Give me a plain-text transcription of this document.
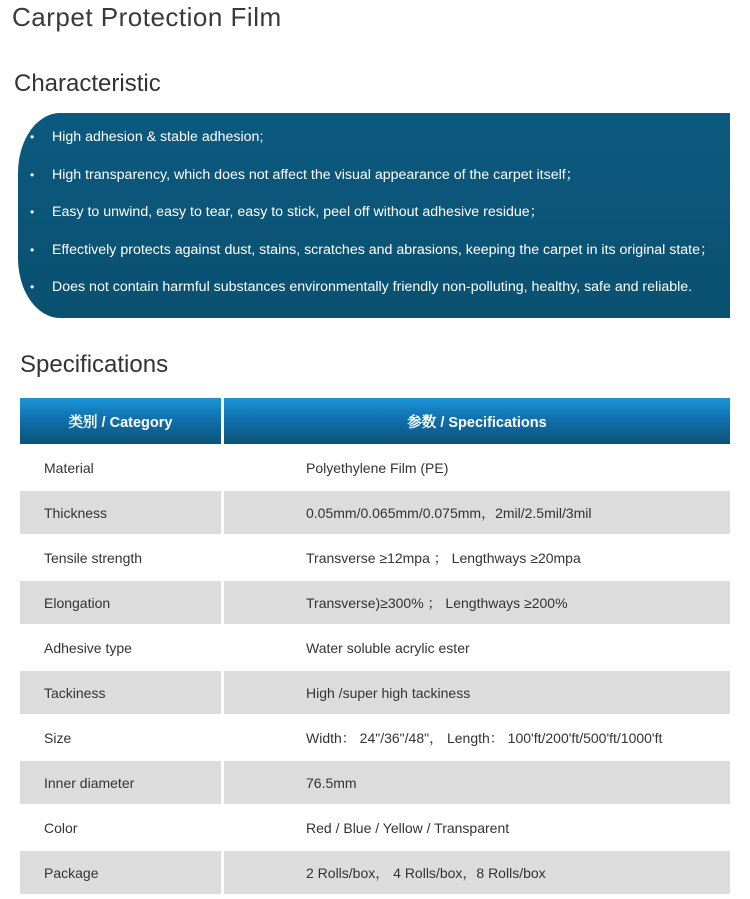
Carpet Protection Film
Characteristic
•	High adhesion & stable adhesion;
•	High transparency, which does not affect the visual appearance of the carpet itself；
•	Easy to unwind, easy to tear, easy to stick, peel off without adhesive residue；
•	Effectively protects against dust, stains, scratches and abrasions, keeping the carpet in its original state；
•	Does not contain harmful substances environmentally friendly non-polluting, healthy, safe and reliable.
Specifications
类别 / Category	参数 / Specifications
Material	Polyethylene Film (PE)
Thickness	0.05mm/0.065mm/0.075mm，2mil/2.5mil/3mil
Tensile strength	Transverse ≥12mpa ； Lengthways ≥20mpa
Elongation	Transverse)≥300% ； Lengthways ≥200%
Adhesive type	Water soluble acrylic ester
Tackiness	High /super high tackiness
Size	Width： 24"/36"/48"， Length： 100'ft/200'ft/500'ft/1000'ft
Inner diameter	76.5mm
Color	Red / Blue / Yellow / Transparent
Package	2 Rolls/box， 4 Rolls/box，8 Rolls/box
